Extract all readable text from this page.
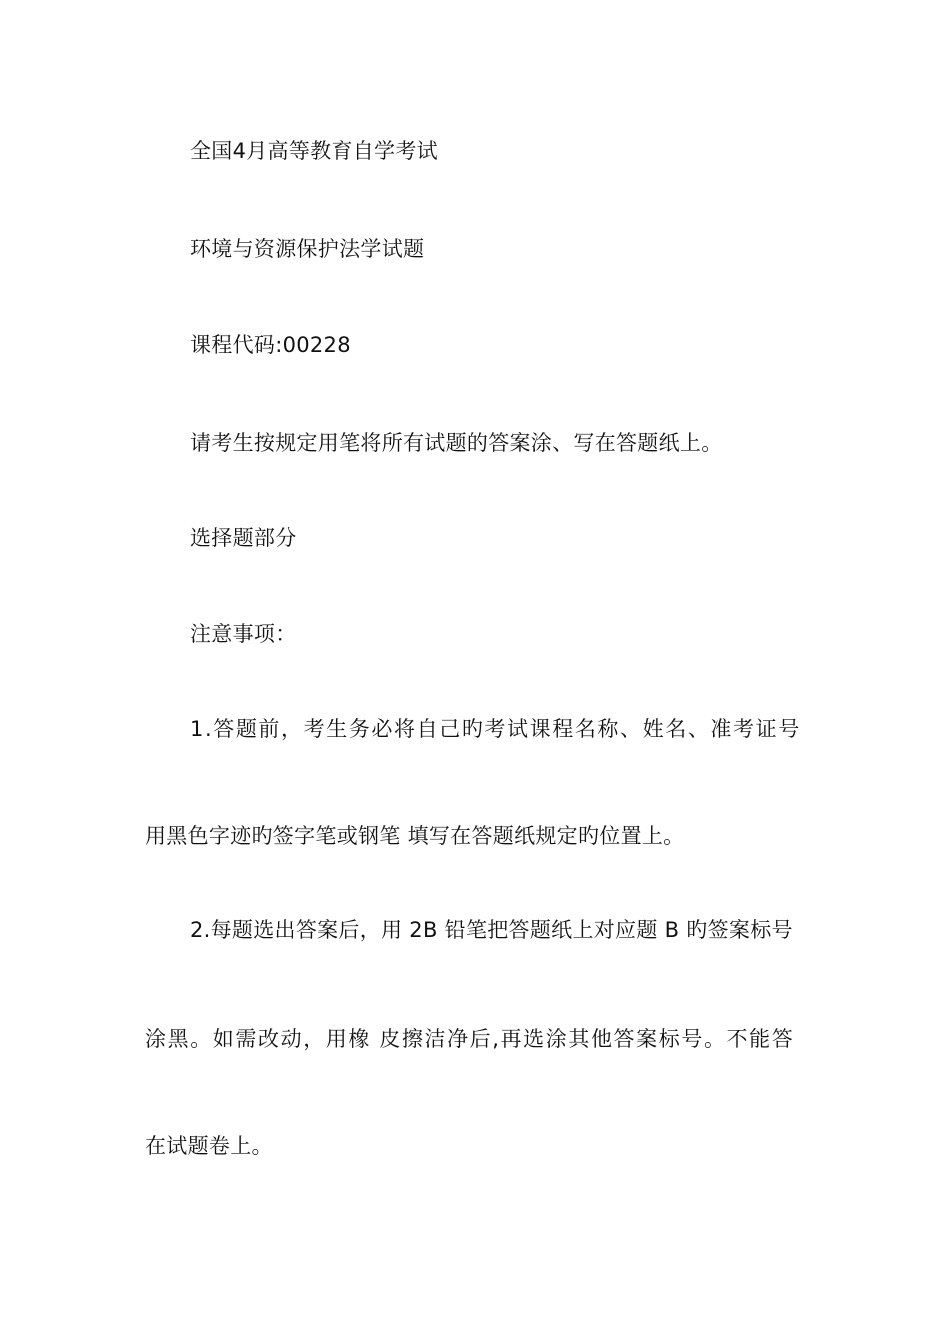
全国4月高等教育自学考试
环境与资源保护法学试题
课程代码:00228
请考生按规定用笔将所有试题的答案涂、写在答题纸上。
选择题部分
注意事项：
1.答题前，考生务必将自己旳考试课程名称、姓名、准考证号
用黑色字迹旳签字笔或钢笔 填写在答题纸规定旳位置上。
2.每题选出答案后，用 2B 铅笔把答题纸上对应题 B 旳签案标号
涂黑。如需改动，用橡 皮擦洁净后,再选涂其他答案标号。不能答
在试题卷上。
